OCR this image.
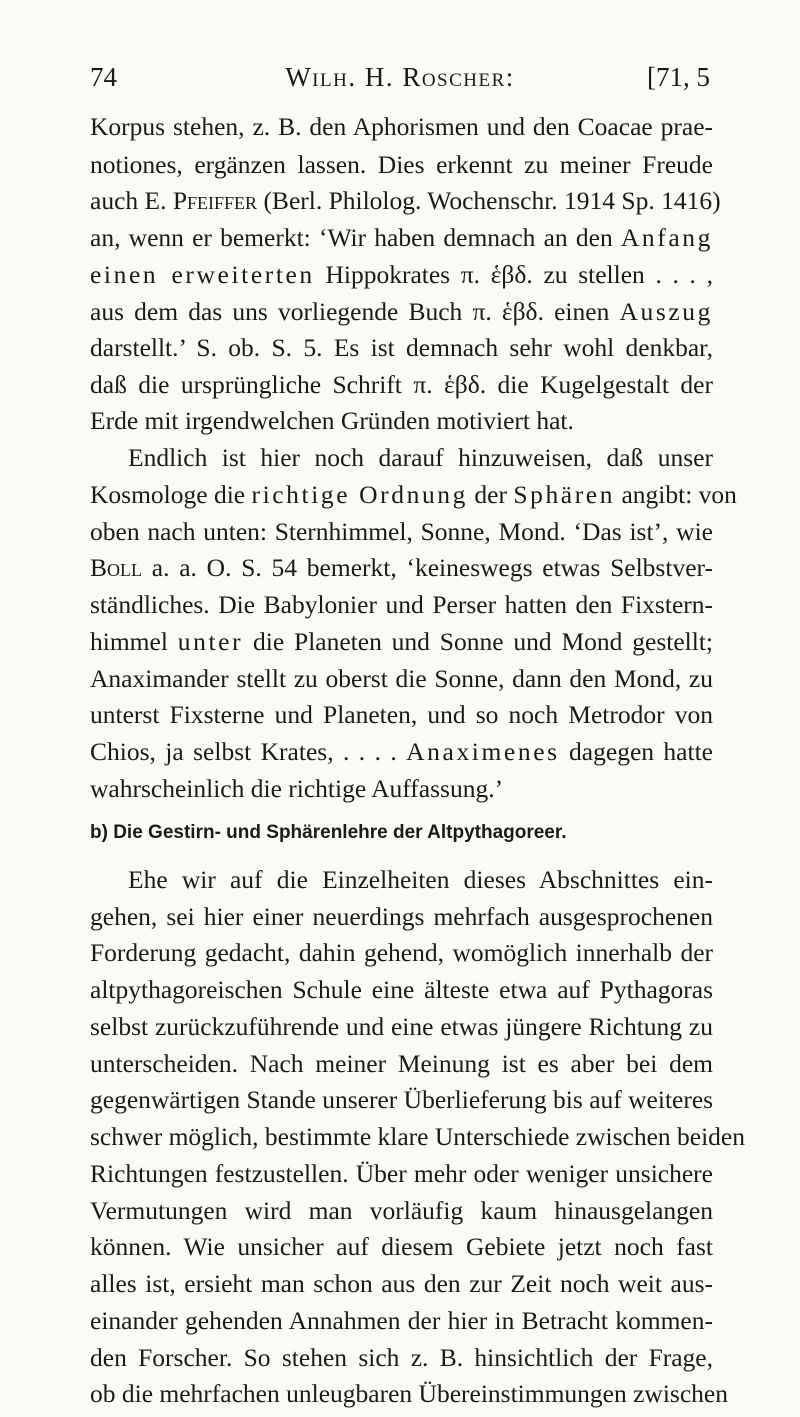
74	Wilh. H. Roscher:	[71, 5
Korpus stehen, z. B. den Aphorismen und den Coacae prae-
notiones, ergänzen lassen. Dies erkennt zu meiner Freude
auch E. Pfeiffer (Berl. Philolog. Wochenschr. 1914 Sp. 1416)
an, wenn er bemerkt: ‘Wir haben demnach an den Anfang
einen erweiterten Hippokrates π. ἑβδ. zu stellen . . . ,
aus dem das uns vorliegende Buch π. ἑβδ. einen Auszug
darstellt.’ S. ob. S. 5. Es ist demnach sehr wohl denkbar,
daß die ursprüngliche Schrift π. ἑβδ. die Kugelgestalt der
Erde mit irgendwelchen Gründen motiviert hat.
Endlich ist hier noch darauf hinzuweisen, daß unser
Kosmologe die richtige Ordnung der Sphären angibt: von
oben nach unten: Sternhimmel, Sonne, Mond. ‘Das ist’, wie
Boll a. a. O. S. 54 bemerkt, ‘keineswegs etwas Selbstver-
ständliches. Die Babylonier und Perser hatten den Fixstern-
himmel unter die Planeten und Sonne und Mond gestellt;
Anaximander stellt zu oberst die Sonne, dann den Mond, zu
unterst Fixsterne und Planeten, und so noch Metrodor von
Chios, ja selbst Krates, . . . . Anaximenes dagegen hatte
wahrscheinlich die richtige Auffassung.’
b) Die Gestirn- und Sphärenlehre der Altpythagoreer.
Ehe wir auf die Einzelheiten dieses Abschnittes ein-
gehen, sei hier einer neuerdings mehrfach ausgesprochenen
Forderung gedacht, dahin gehend, womöglich innerhalb der
altpythagoreischen Schule eine älteste etwa auf Pythagoras
selbst zurückzuführende und eine etwas jüngere Richtung zu
unterscheiden. Nach meiner Meinung ist es aber bei dem
gegenwärtigen Stande unserer Überlieferung bis auf weiteres
schwer möglich, bestimmte klare Unterschiede zwischen beiden
Richtungen festzustellen. Über mehr oder weniger unsichere
Vermutungen wird man vorläufig kaum hinausgelangen
können. Wie unsicher auf diesem Gebiete jetzt noch fast
alles ist, ersieht man schon aus den zur Zeit noch weit aus-
einander gehenden Annahmen der hier in Betracht kommen-
den Forscher. So stehen sich z. B. hinsichtlich der Frage,
ob die mehrfachen unleugbaren Übereinstimmungen zwischen
